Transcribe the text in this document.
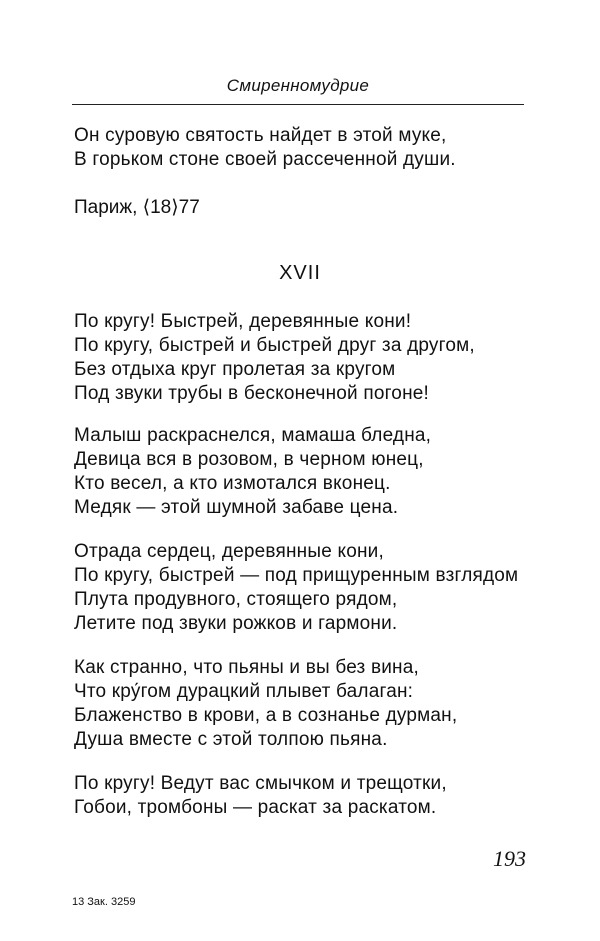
Смиренномудрие

Он суровую святость найдет в этой муке,
В горьком стоне своей рассеченной души.

Париж, ⟨18⟩77
XVII

По кругу! Быстрей, деревянные кони!
По кругу, быстрей и быстрей друг за другом,
Без отдыха круг пролетая за кругом
Под звуки трубы в бесконечной погоне!

Малыш раскраснелся, мамаша бледна,
Девица вся в розовом, в черном юнец,
Кто весел, а кто измотался вконец.
Медяк — этой шумной забаве цена.

Отрада сердец, деревянные кони,
По кругу, быстрей — под прищуренным взглядом
Плута продувного, стоящего рядом,
Летите под звуки рожков и гармони.

Как странно, что пьяны и вы без вина,
Что кру́гом дурацкий плывет балаган:
Блаженство в крови, а в сознанье дурман,
Душа вместе с этой толпою пьяна.

По кругу! Ведут вас смычком и трещотки,
Гобои, тромбоны — раскат за раскатом.

193
13 Зак. 3259
